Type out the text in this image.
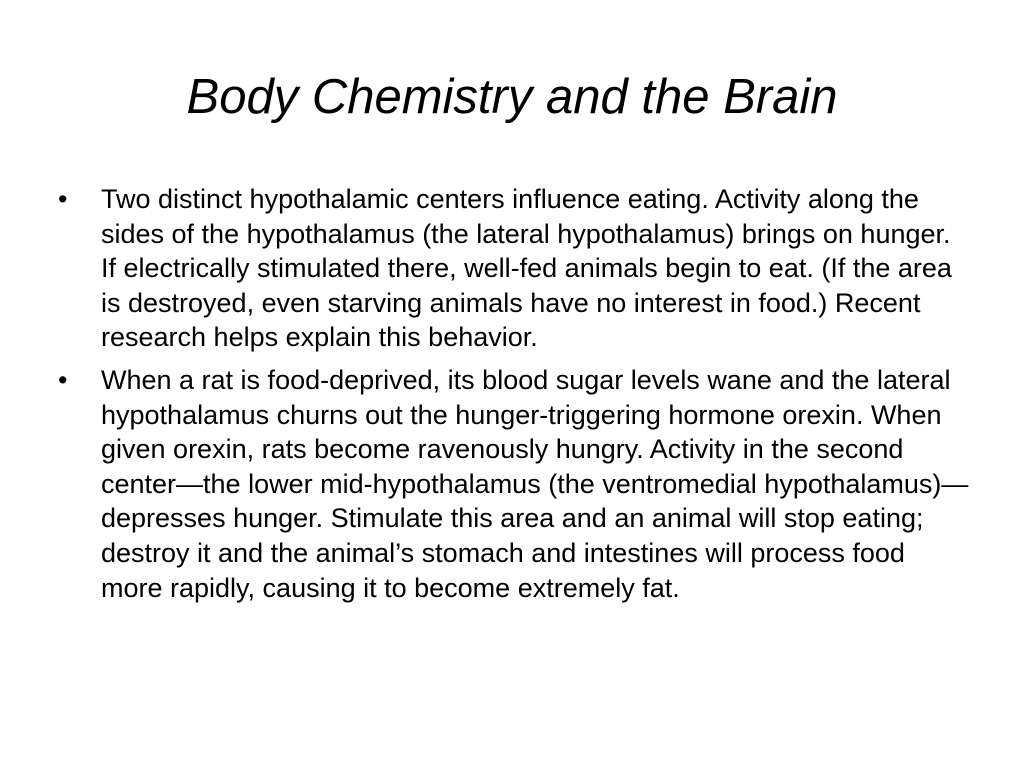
Body Chemistry and the Brain
•	Two distinct hypothalamic centers influence eating. Activity along the sides of the hypothalamus (the lateral hypothalamus) brings on hunger. If electrically stimulated there, well-fed animals begin to eat. (If the area is destroyed, even starving animals have no interest in food.) Recent research helps explain this behavior.
•	When a rat is food-deprived, its blood sugar levels wane and the lateral hypothalamus churns out the hunger-triggering hormone orexin. When given orexin, rats become ravenously hungry. Activity in the second center—the lower mid-hypothalamus (the ventromedial hypothalamus)—depresses hunger. Stimulate this area and an animal will stop eating; destroy it and the animal’s stomach and intestines will process food more rapidly, causing it to become extremely fat.
